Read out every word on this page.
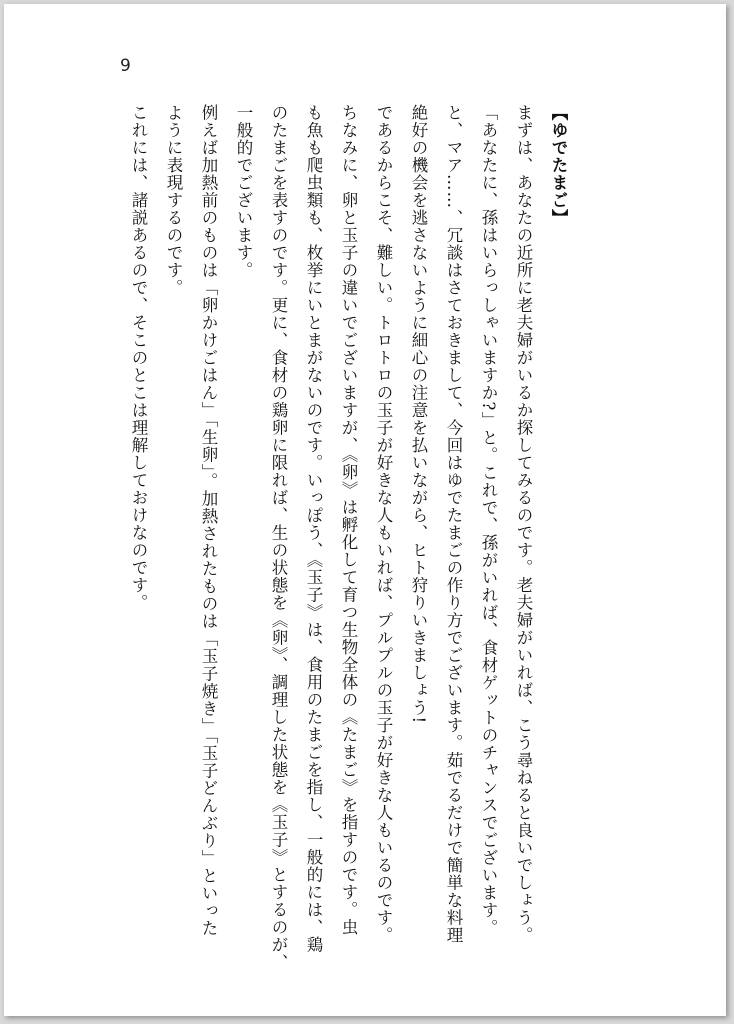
9

【ゆでたまご】

まずは、あなたの近所に老夫婦がいるか探してみるのです。老夫婦がいれば、こう尋ねると良いでしょう。

「あなたに、孫はいらっしゃいますか?」と。これで、孫がいれば、食材ゲットのチャンスでございます。

と、マア……、冗談はさておきまして、今回はゆでたまごの作り方でございます。茹でるだけで簡単な料理

絶好の機会を逃さないように細心の注意を払いながら、ヒト狩りいきましょう!

であるからこそ、難しい。トロトロの玉子が好きな人もいれば、プルプルの玉子が好きな人もいるのです。

ちなみに、卵と玉子の違いでございますが、《卵》は孵化して育つ生物全体の《たまご》を指すのです。虫

も魚も爬虫類も、枚挙にいとまがないのです。いっぽう、《玉子》は、食用のたまごを指し、一般的には、鶏

のたまごを表すのです。更に、食材の鶏卵に限れば、生の状態を《卵》、調理した状態を《玉子》とするのが、

一般的でございます。

例えば加熱前のものは「卵かけごはん」「生卵」。加熱されたものは「玉子焼き」「玉子どんぶり」といった

ように表現するのです。

これには、諸説あるので、そこのとこは理解しておけなのです。
